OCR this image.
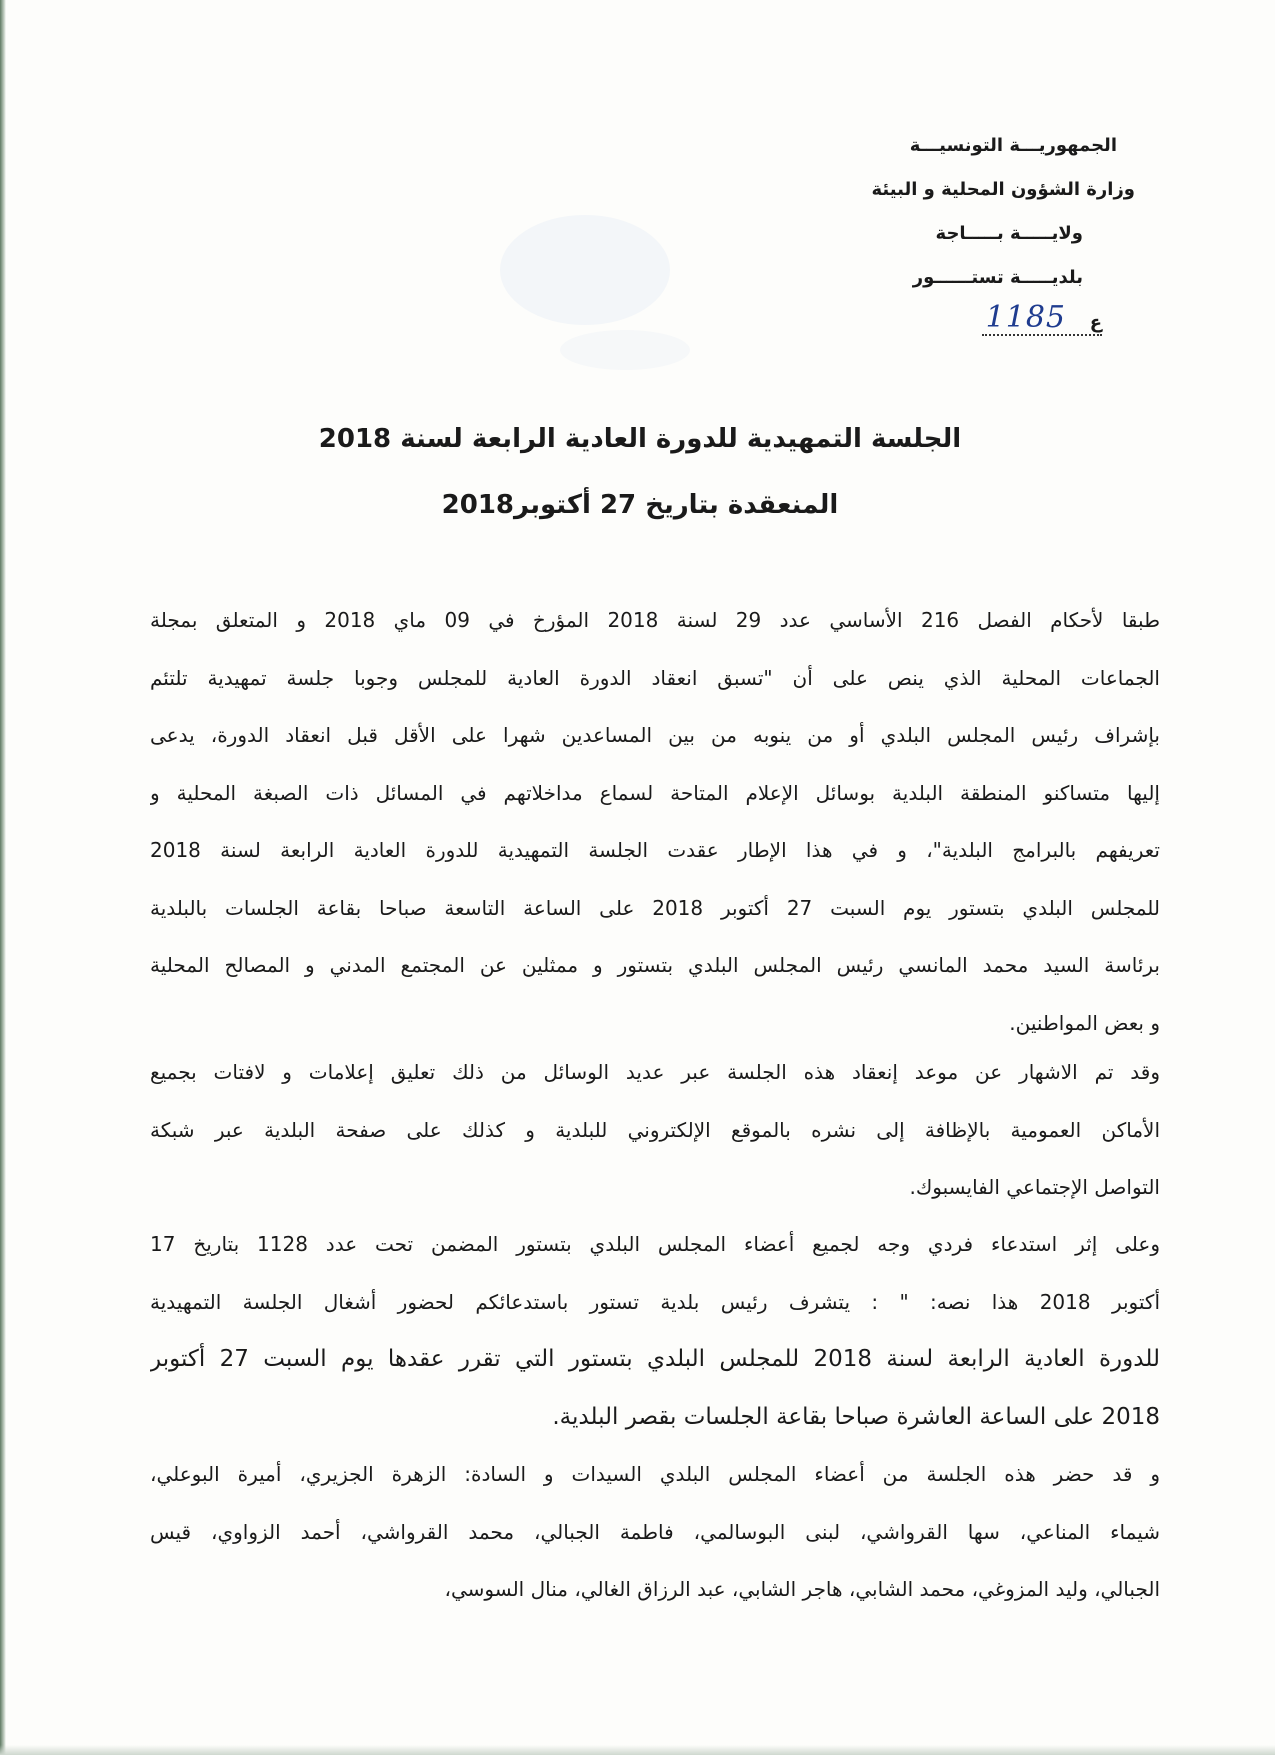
الجمهوريـــة التونسيـــة
وزارة الشؤون المحلية و البيئة
ولايـــــة بـــــاجة
بلديـــــة تستــــــور
ع
1185
الجلسة التمهيدية للدورة العادية الرابعة لسنة 2018
المنعقدة بتاريخ 27 أكتوبر2018
طبقا لأحكام الفصل 216 الأساسي عدد 29 لسنة 2018 المؤرخ في 09 ماي 2018 و المتعلق بمجلة
الجماعات المحلية الذي ينص على أن "تسبق انعقاد الدورة العادية للمجلس وجوبا جلسة تمهيدية تلتئم
بإشراف رئيس المجلس البلدي أو من ينوبه من بين المساعدين شهرا على الأقل قبل انعقاد الدورة، يدعى
إليها متساكنو المنطقة البلدية بوسائل الإعلام المتاحة لسماع مداخلاتهم في المسائل ذات الصبغة المحلية و
تعريفهم بالبرامج البلدية"، و في هذا الإطار عقدت الجلسة التمهيدية للدورة العادية الرابعة لسنة 2018
للمجلس البلدي بتستور يوم السبت 27 أكتوبر 2018 على الساعة التاسعة صباحا بقاعة الجلسات بالبلدية
برئاسة السيد محمد المانسي رئيس المجلس البلدي بتستور و ممثلين عن المجتمع المدني و المصالح المحلية
و بعض المواطنين.
وقد تم الاشهار عن موعد إنعقاد هذه الجلسة عبر عديد الوسائل من ذلك تعليق إعلامات و لافتات بجميع
الأماكن العمومية بالإظافة إلى نشره بالموقع الإلكتروني للبلدية و كذلك على صفحة البلدية عبر شبكة
التواصل الإجتماعي الفايسبوك.
وعلى إثر استدعاء فردي وجه لجميع أعضاء المجلس البلدي بتستور المضمن تحت عدد 1128 بتاريخ 17
أكتوبر 2018 هذا نصه: " : يتشرف رئيس بلدية تستور باستدعائكم لحضور أشغال الجلسة التمهيدية
للدورة العادية الرابعة لسنة 2018 للمجلس البلدي بتستور التي تقرر عقدها يوم السبت 27 أكتوبر
2018 على الساعة العاشرة صباحا بقاعة الجلسات بقصر البلدية.
و قد حضر هذه الجلسة من أعضاء المجلس البلدي السيدات و السادة: الزهرة الجزيري، أميرة البوعلي،
شيماء المناعي، سها القرواشي، لبنى البوسالمي، فاطمة الجبالي، محمد القرواشي، أحمد الزواوي، قيس
الجبالي، وليد المزوغي، محمد الشابي، هاجر الشابي، عبد الرزاق الغالي، منال السوسي،
